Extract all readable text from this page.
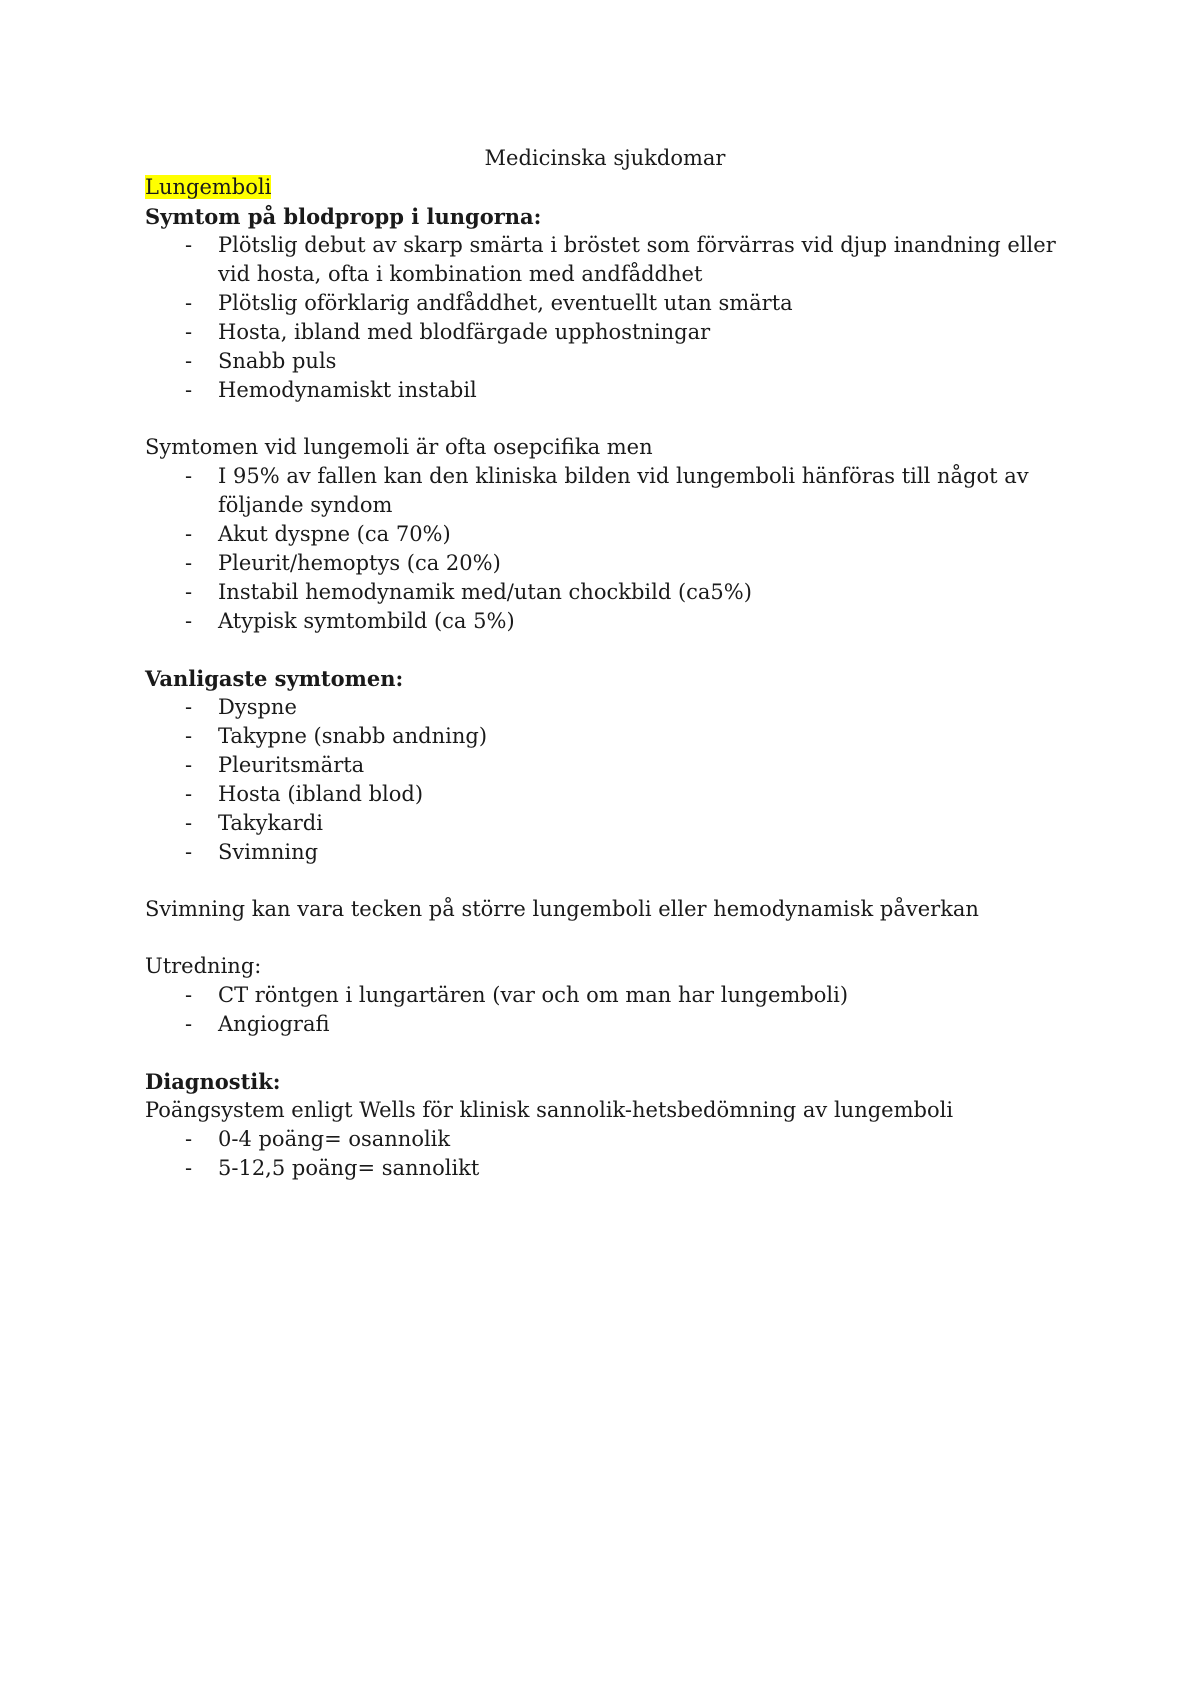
Medicinska sjukdomar
Lungemboli
Symtom på blodpropp i lungorna:
- Plötslig debut av skarp smärta i bröstet som förvärras vid djup inandning eller vid hosta, ofta i kombination med andfåddhet
- Plötslig oförklarig andfåddhet, eventuellt utan smärta
- Hosta, ibland med blodfärgade upphostningar
- Snabb puls
- Hemodynamiskt instabil
Symtomen vid lungemoli är ofta osepcifika men
- I 95% av fallen kan den kliniska bilden vid lungemboli hänföras till något av följande syndom
- Akut dyspne (ca 70%)
- Pleurit/hemoptys (ca 20%)
- Instabil hemodynamik med/utan chockbild (ca5%)
- Atypisk symtombild (ca 5%)
Vanligaste symtomen:
- Dyspne
- Takypne (snabb andning)
- Pleuritsmärta
- Hosta (ibland blod)
- Takykardi
- Svimning
Svimning kan vara tecken på större lungemboli eller hemodynamisk påverkan
Utredning:
- CT röntgen i lungartären (var och om man har lungemboli)
- Angiografi
Diagnostik:
Poängsystem enligt Wells för klinisk sannolik-hetsbedömning av lungemboli
- 0-4 poäng= osannolik
- 5-12,5 poäng= sannolikt
